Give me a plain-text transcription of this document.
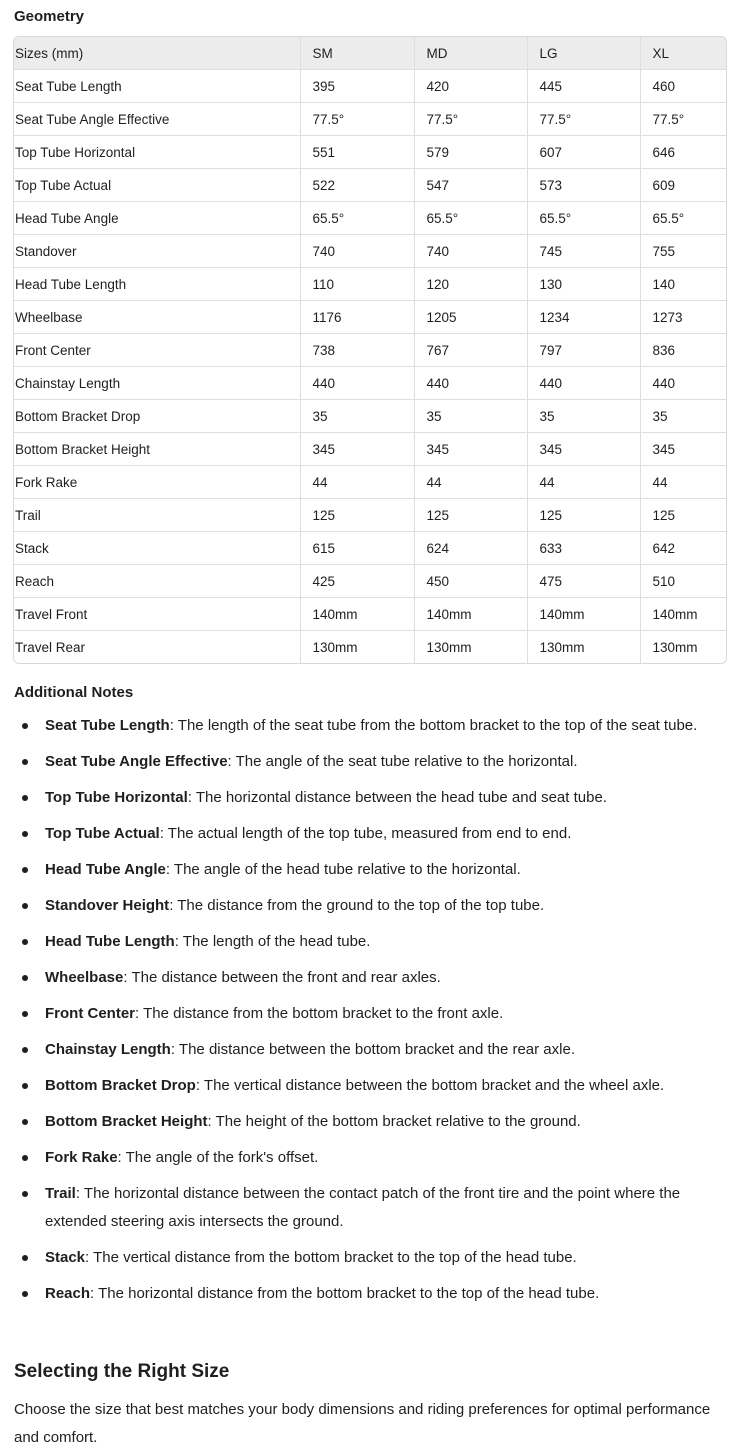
Geometry
Sizes (mm)	SM	MD	LG	XL
Seat Tube Length	395	420	445	460
Seat Tube Angle Effective	77.5°	77.5°	77.5°	77.5°
Top Tube Horizontal	551	579	607	646
Top Tube Actual	522	547	573	609
Head Tube Angle	65.5°	65.5°	65.5°	65.5°
Standover	740	740	745	755
Head Tube Length	110	120	130	140
Wheelbase	1176	1205	1234	1273
Front Center	738	767	797	836
Chainstay Length	440	440	440	440
Bottom Bracket Drop	35	35	35	35
Bottom Bracket Height	345	345	345	345
Fork Rake	44	44	44	44
Trail	125	125	125	125
Stack	615	624	633	642
Reach	425	450	475	510
Travel Front	140mm	140mm	140mm	140mm
Travel Rear	130mm	130mm	130mm	130mm
Additional Notes
Seat Tube Length: The length of the seat tube from the bottom bracket to the top of the seat tube.
Seat Tube Angle Effective: The angle of the seat tube relative to the horizontal.
Top Tube Horizontal: The horizontal distance between the head tube and seat tube.
Top Tube Actual: The actual length of the top tube, measured from end to end.
Head Tube Angle: The angle of the head tube relative to the horizontal.
Standover Height: The distance from the ground to the top of the top tube.
Head Tube Length: The length of the head tube.
Wheelbase: The distance between the front and rear axles.
Front Center: The distance from the bottom bracket to the front axle.
Chainstay Length: The distance between the bottom bracket and the rear axle.
Bottom Bracket Drop: The vertical distance between the bottom bracket and the wheel axle.
Bottom Bracket Height: The height of the bottom bracket relative to the ground.
Fork Rake: The angle of the fork's offset.
Trail: The horizontal distance between the contact patch of the front tire and the point where the extended steering axis intersects the ground.
Stack: The vertical distance from the bottom bracket to the top of the head tube.
Reach: The horizontal distance from the bottom bracket to the top of the head tube.
Selecting the Right Size

Choose the size that best matches your body dimensions and riding preferences for optimal performance and comfort.
